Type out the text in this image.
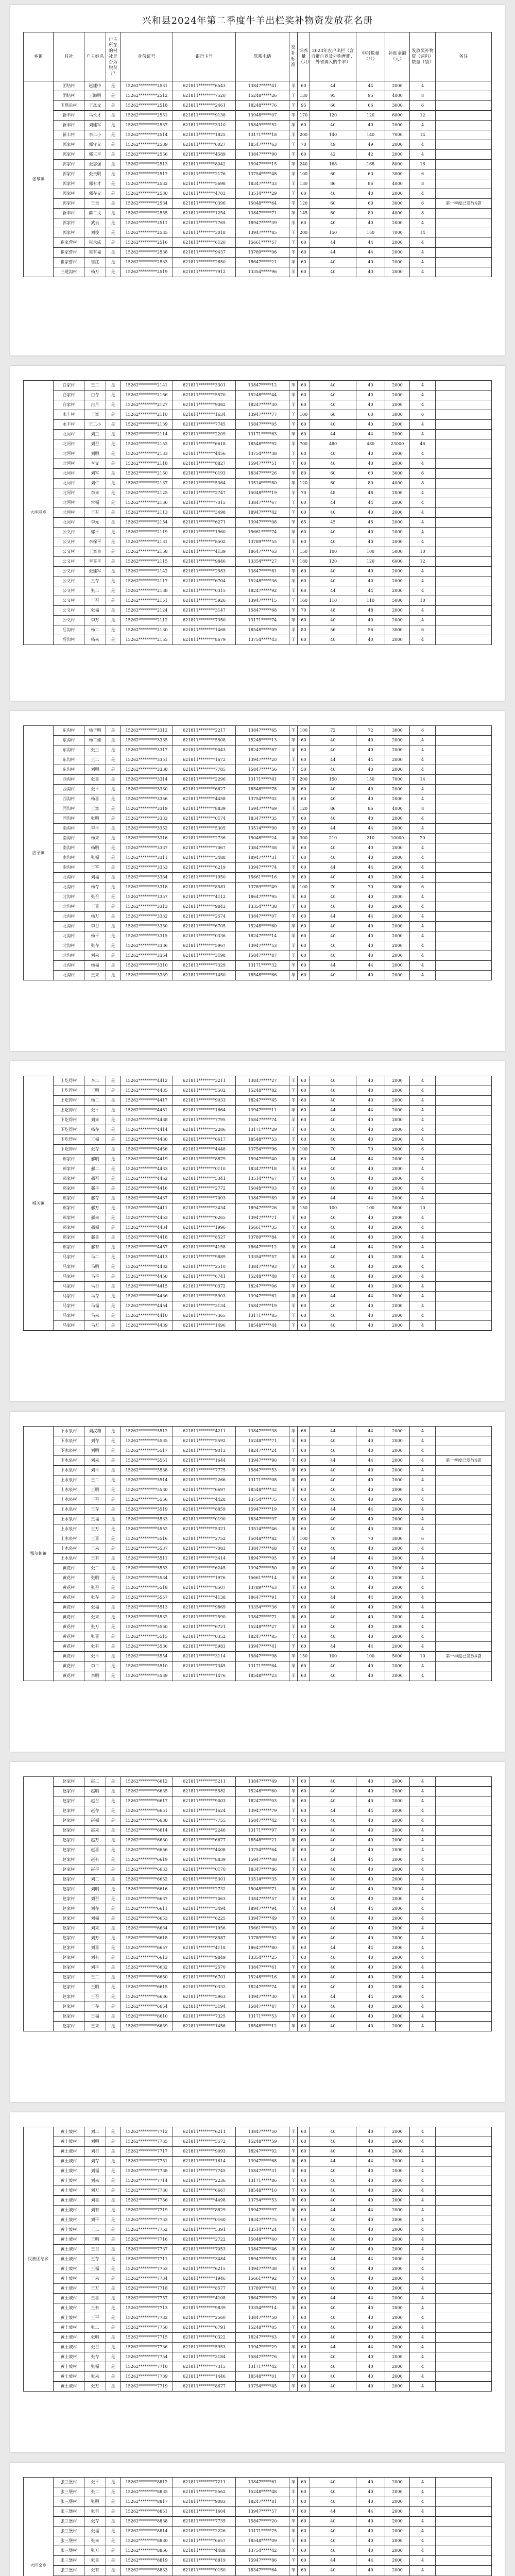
兴和县2024年第二季度牛羊出栏奖补物资发放花名册
乡镇	村社	户主姓名	户主所在的村社是否为脱贫户	身份证号	银行卡号	联系电话	奖补标准	饲养量（只）	2023年农户出栏（含自繁自养及外购育肥、外省调入的牛羊）	申报数量（只）	补贴金额（元）	发放奖补物资（饲料）数量（袋）	备注
张皋镇	团结村	赵建中	是	15262*********2531	621811********6543	13847*****41	羊	60	44	44	2000	4	
	团结村	王海明	是	15262*********2512	621811********7520	15248*****26	羊	130	95	95	4000	8	
	下塔沿村	王凤文	是	15262*********2518	621811********2461	18248*****76	羊	95	66	66	3000	6	
	新丰村	马永才	是	15262*********2551	621811********9138	13948*****07	羊	170	120	120	6000	12	
	新丰村	刘建军	是	15262*********2537	621811********3310	15849*****52	羊	60	40	40	2000	4	
	新丰村	李二小	是	15262*********2514	621811********1825	13171*****18	羊	200	140	140	7000	14	
	郭家村	郭守义	是	15262*********2539	621811********6027	18547*****63	羊	70	49	49	2000	4	
	郭家村	郭三平	是	15262*********2556	621811********4589	13847*****90	羊	60	42	42	2000	4	
	郭家村	张志强	是	15262*********2513	621811********8042	15947*****15	羊	240	168	168	8000	16	
	郭家村	张贵明	是	15262*********2517	621811********2176	13754*****48	羊	100	60	60	3000	6	
	郭家村	郭有才	是	15262*********2532	621811********5698	18347*****33	羊	130	86	86	4000	8	
	郭家村	郭存义	是	15262*********2530	621811********4703	13514*****29	羊	60	40	40	2000	4	
	郭家村	王贵	是	15262*********2534	621811********0396	15048*****64	羊	120	60	60	3000	6	第一季度已发放4袋
	新丰村	薛二文	是	15262*********2555	621811********1254	13847*****71	羊	145	80	80	4000	8	
	郭家村	武云	是	15262*********2511	621811********7765	18947*****39	羊	60	40	40	2000	4	
	郭家村	刘俊	是	15262*********2535	621811********3018	13947*****85	羊	200	150	150	7000	14	
	崔家营村	崔永成	是	15262*********2516	621811********6120	15661*****57	羊	60	44	44	2000	4	
	崔家营村	崔有福	是	15262*********2538	621811********9437	13789*****06	羊	60	44	44	2000	4	
	崔家营村	崔红	是	15262*********2533	621811********2850	18647*****21	羊	60	40	40	2000	4	
	三道沟村	杨万	是	15262*********2519	621811********7912	13354*****96	羊	60	40	40	2000	4	
大库联乡	白家村	王二	是	15262*********2141	621811********3301	13847*****12	羊	60	40	40	2000	4	
	白家村	白存	是	15262*********2156	621811********5570	15248*****44	羊	60	40	40	2000	4	
	白家村	白月	是	15262*********2127	621811********9082	18247*****30	羊	60	40	40	2000	4	
	永丰村	王富	是	15262*********2110	621811********1634	13947*****77	羊	100	60	60	3000	6	
	永丰村	王二小	是	15262*********2139	621811********7745	15847*****05	羊	60	40	40	2000	4	
	北河村	刘三	是	15262*********2114	621811********2209	13171*****63	羊	60	44	44	2000	4	
	北河村	刘召	是	15262*********2152	621811********6618	18548*****92	羊	700	480	480	23000	46	
	北河村	刘明	是	15262*********2133	621811********4456	13754*****38	羊	60	40	40	2000	4	
	北河村	李文	是	15262*********2118	621811********8827	15947*****51	羊	60	40	40	2000	4	
	北河村	刘军	是	15262*********2150	621811********0193	18347*****26	羊	80	60	60	3000	6	
	北河村	刘仁	是	15262*********2137	621811********5364	13514*****80	羊	120	80	80	4000	8	
	北河村	李来	是	15262*********2125	621811********2747	15048*****19	羊	70	48	48	2000	4	
	北河村	常福	是	15262*********2136	621811********7015	13847*****67	羊	60	44	44	2000	4	
	北河村	王有	是	15262*********2113	621811********3498	18947*****42	羊	60	40	40	2000	4	
	北河村	李元	是	15262*********2154	621811********6271	13947*****08	羊	65	45	45	2000	4	
	公义村	郭平	是	15262*********2119	621811********1960	15661*****74	羊	60	40	40	2000	4	
	公义村	李保平	是	15262*********2131	621811********8502	13789*****55	羊	60	40	40	2000	4	
	公义村	王富贵	是	15262*********2158	621811********4139	18647*****63	羊	150	100	100	5000	10	
	公义村	李喜平	是	15262*********2115	621811********9846	13354*****27	羊	180	120	120	6000	12	
	公义村	张建军	是	15262*********2142	621811********2583	13847*****81	羊	60	40	40	2000	4	
	公义村	王存	是	15262*********2117	621811********6704	15248*****36	羊	60	40	40	2000	4	
	公义村	张二	是	15262*********2138	621811********0315	18247*****92	羊	60	44	44	2000	4	
	公义村	王召	是	15262*********2151	621811********5926	13947*****15	羊	160	110	110	5000	10	
	公义村	张福	是	15262*********2124	621811********3147	15847*****68	羊	70	48	48	2000	4	
	公义村	李万	是	15262*********2112	621811********7350	13171*****74	羊	60	40	40	2000	4	
	后沟村	杨二	是	15262*********2130	621811********1468	18548*****09	羊	80	56	56	3000	6	
	后沟村	杨来	是	15262*********2155	621811********8679	13754*****43	羊	60	40	40	2000	4	
店子镇	东沟村	杨子明	是	15262*********3312	621811********2217	13847*****65	羊	100	72	72	3000	6	
	东沟村	杨二娃	是	15262*********3335	621811********5508	15248*****13	羊	60	40	40	2000	4	
	东沟村	张三	是	15262*********3317	621811********9043	18247*****87	羊	60	40	40	2000	4	
	东沟村	王二	是	15262*********3351	621811********1672	13947*****20	羊	60	44	44	2000	4	
	东沟村	刘明	是	15262*********3338	621811********7785	15847*****56	羊	50	40	40	2000	4	
	西沟村	张喜	是	15262*********3314	621811********2296	13171*****41	羊	200	150	150	7000	14	
	西沟村	张平	是	15262*********3330	621811********6627	18548*****78	羊	60	40	40	2000	4	
	西沟村	杨喜	是	15262*********3356	621811********4458	13754*****02	羊	60	40	40	2000	4	
	西沟村	王富	是	15262*********3319	621811********8839	15947*****69	羊	120	86	86	4000	8	
	西沟村	张明	是	15262*********3333	621811********0174	18347*****35	羊	60	40	40	2000	4	
	南沟村	李平	是	15262*********3352	621811********5305	13514*****90	羊	60	44	44	2000	4	
	南沟村	杨来	是	15262*********3316	621811********2736	15048*****24	羊	300	210	210	10000	20	
	南沟村	杨明	是	15262*********3337	621811********7067	13847*****58	羊	60	40	40	2000	4	
	南沟村	张福	是	15262*********3311	621811********3488	18947*****31	羊	60	40	40	2000	4	
	南沟村	王军	是	15262*********3353	621811********6219	13947*****74	羊	60	44	44	2000	4	
	北沟村	刘福	是	15262*********3334	621811********1950	15661*****16	羊	60	40	40	2000	4	
	北沟村	杨存	是	15262*********3318	621811********8581	13789*****49	羊	100	70	70	3000	6	
	北沟村	张召	是	15262*********3357	621811********4112	18647*****95	羊	60	40	40	2000	4	
	北沟村	王喜	是	15262*********3313	621811********9843	13354*****38	羊	60	40	40	2000	4	
	北沟村	杨万	是	15262*********3332	621811********2574	13847*****07	羊	60	44	44	2000	4	
	北沟村	李召	是	15262*********3350	621811********6705	15248*****60	羊	60	40	40	2000	4	
	北沟村	杨平	是	15262*********3315	621811********0336	18247*****14	羊	60	40	40	2000	4	
	北沟村	张存	是	15262*********3336	621811********5967	13947*****53	羊	60	40	40	2000	4	
	北沟村	刘来	是	15262*********3354	621811********3198	15847*****87	羊	60	40	40	2000	4	
	北沟村	杨福	是	15262*********3310	621811********7329	13171*****32	羊	60	44	44	2000	4	
	北沟村	王来	是	15262*********3339	621811********1450	18548*****66	羊	60	40	40	2000	4	
城关镇	上圪得村	李二	是	15262*********4412	621811********3211	13847*****27	羊	60	40	40	2000	4	
	上圪得村	王明	是	15262*********4435	621811********5502	15248*****82	羊	60	40	40	2000	4	
	上圪得村	杨二	是	15262*********4417	621811********9033	18247*****45	羊	60	40	40	2000	4	
	上圪得村	张平	是	15262*********4451	621811********1664	13947*****11	羊	60	44	44	2000	4	
	下圪得村	刘来	是	15262*********4438	621811********7795	15847*****74	羊	60	40	40	2000	4	
	下圪得村	杨存	是	15262*********4414	621811********2286	13171*****29	羊	60	40	40	2000	4	
	下圪得村	王福	是	15262*********4430	621811********6617	18548*****53	羊	60	40	40	2000	4	
	下圪得村	张存	是	15262*********4456	621811********4448	13754*****96	羊	100	70	70	3000	6	
	郝家村	郝明	是	15262*********4419	621811********8879	15947*****40	羊	60	44	44	2000	4	
	郝家村	郝二	是	15262*********4433	621811********0110	18347*****18	羊	60	40	40	2000	4	
	郝家村	郝召	是	15262*********4452	621811********5341	13514*****67	羊	60	40	40	2000	4	
	郝家村	郝平	是	15262*********4416	621811********2772	15048*****03	羊	60	40	40	2000	4	
	郝家村	郝存	是	15262*********4437	621811********7003	13847*****89	羊	60	44	44	2000	4	
	郝家村	郝万	是	15262*********4411	621811********3434	18947*****26	羊	150	100	100	5000	10	
	郝家村	郝来	是	15262*********4453	621811********6265	13947*****71	羊	60	40	40	2000	4	
	郝家村	郝福	是	15262*********4434	621811********1996	15661*****35	羊	60	40	40	2000	4	
	郝家村	郝喜	是	15262*********4418	621811********8527	13789*****84	羊	60	40	40	2000	4	
	郝家村	郝有	是	15262*********4457	621811********4158	18647*****12	羊	60	44	44	2000	4	
	马家村	马二	是	15262*********4413	621811********9889	13354*****57	羊	60	40	40	2000	4	
	马家村	马明	是	15262*********4432	621811********2510	13847*****93	羊	60	40	40	2000	4	
	马家村	马平	是	15262*********4450	621811********6741	15248*****48	羊	60	40	40	2000	4	
	马家村	马召	是	15262*********4415	621811********0372	18247*****06	羊	60	40	40	2000	4	
	马家村	马存	是	15262*********4436	621811********5903	13947*****62	羊	60	44	44	2000	4	
	马家村	马福	是	15262*********4454	621811********3134	15847*****19	羊	60	40	40	2000	4	
	马家村	马来	是	15262*********4410	621811********7365	13171*****85	羊	60	40	40	2000	4	
	马家村	马万	是	15262*********4439	621811********1496	18548*****44	羊	60	40	40	2000	4	
鄂尔栋镇	下水泉村	刘汉雄	是	15262*********5512	621811********4211	13847*****38	羊	66	44	44	2000	4	
	下水泉村	刘存	是	15262*********5535	621811********5592	15248*****71	羊	60	40	40	2000	4	
	下水泉村	刘明	是	15262*********5517	621811********9013	18247*****24	羊	60	40	40	2000	4	
	下水泉村	刘来	是	15262*********5551	621811********1644	13947*****90	羊	60	44	44	2000	4	第一季度已发放4袋
	下水泉村	刘平	是	15262*********5538	621811********7775	15847*****53	羊	60	40	40	2000	4	
	上水泉村	王二	是	15262*********5514	621811********2266	13171*****08	羊	60	40	40	2000	4	
	上水泉村	王明	是	15262*********5530	621811********6697	18548*****32	羊	60	40	40	2000	4	
	上水泉村	王召	是	15262*********5556	621811********4428	13754*****75	羊	60	40	40	2000	4	
	上水泉村	王存	是	15262*********5519	621811********8859	15947*****19	羊	60	44	44	2000	4	
	上水泉村	王福	是	15262*********5533	621811********0190	18347*****97	羊	60	40	40	2000	4	
	上水泉村	王万	是	15262*********5552	621811********5321	13514*****46	羊	60	40	40	2000	4	
	上水泉村	王喜	是	15262*********5516	621811********2752	15048*****82	羊	100	70	70	3000	6	
	上水泉村	王来	是	15262*********5537	621811********7083	13847*****68	羊	60	40	40	2000	4	
	上水泉村	王有	是	15262*********5511	621811********3414	18947*****05	羊	60	44	44	2000	4	
	黄花村	张二	是	15262*********5553	621811********6245	13947*****50	羊	60	40	40	2000	4	
	黄花村	张明	是	15262*********5534	621811********1976	15661*****14	羊	60	40	40	2000	4	
	黄花村	张召	是	15262*********5518	621811********8507	13789*****63	羊	60	40	40	2000	4	
	黄花村	张存	是	15262*********5557	621811********4138	18647*****91	羊	60	44	44	2000	4	
	黄花村	张福	是	15262*********5513	621811********9869	13354*****36	羊	60	40	40	2000	4	
	黄花村	张来	是	15262*********5532	621811********2590	13847*****72	羊	60	40	40	2000	4	
	黄花村	张万	是	15262*********5550	621811********6721	15248*****27	羊	60	40	40	2000	4	
	黄花村	张喜	是	15262*********5515	621811********0352	18247*****85	羊	60	40	40	2000	4	
	黄花村	张有	是	15262*********5536	621811********5983	13947*****41	羊	60	44	44	2000	4	
	黄花村	张平	是	15262*********5554	621811********3114	15847*****98	羊	150	100	100	5000	10	第一季度已发放4袋
	黄花村	李二	是	15262*********5510	621811********7345	13171*****64	羊	60	40	40	2000	4	
	黄花村	李明	是	15262*********5539	621811********1476	18548*****23	羊	60	40	40	2000	4	
	赵家村	赵二	是	15262*********6612	621811********5211	13847*****49	羊	60	40	40	2000	4	
	赵家村	赵明	是	15262*********6635	621811********5582	15248*****60	羊	60	40	40	2000	4	
	赵家村	赵召	是	15262*********6617	621811********9003	18247*****03	羊	60	40	40	2000	4	
	赵家村	赵存	是	15262*********6651	621811********1624	13947*****79	羊	60	44	44	2000	4	
	赵家村	赵福	是	15262*********6638	621811********7755	15847*****42	羊	60	40	40	2000	4	
	赵家村	赵来	是	15262*********6614	621811********2246	13171*****97	羊	60	40	40	2000	4	
	赵家村	赵万	是	15262*********6630	621811********6677	18548*****21	羊	60	40	40	2000	4	
	赵家村	赵喜	是	15262*********6656	621811********4408	13754*****64	羊	60	40	40	2000	4	
	赵家村	赵有	是	15262*********6619	621811********8839	15947*****08	羊	60	44	44	2000	4	
	赵家村	赵平	是	15262*********6633	621811********0170	18347*****86	羊	60	40	40	2000	4	
	赵家村	刘二	是	15262*********6652	621811********5301	13514*****35	羊	60	40	40	2000	4	
	赵家村	刘明	是	15262*********6616	621811********2732	15048*****71	羊	60	40	40	2000	4	
	赵家村	刘召	是	15262*********6637	621811********7063	13847*****57	羊	60	40	40	2000	4	
	赵家村	刘存	是	15262*********6611	621811********3494	18947*****94	羊	60	44	44	2000	4	
	赵家村	刘福	是	15262*********6653	621811********6225	13947*****49	羊	60	40	40	2000	4	
	赵家村	刘来	是	15262*********6634	621811********1956	15661*****03	羊	60	40	40	2000	4	
	赵家村	刘万	是	15262*********6618	621811********8587	13789*****52	羊	60	40	40	2000	4	
	赵家村	刘喜	是	15262*********6657	621811********4118	18647*****80	羊	60	44	44	2000	4	
	赵家村	刘有	是	15262*********6613	621811********9849	13354*****25	羊	60	40	40	2000	4	
	赵家村	刘平	是	15262*********6632	621811********2570	13847*****61	羊	60	40	40	2000	4	
	赵家村	王二	是	15262*********6650	621811********6701	15248*****16	羊	60	40	40	2000	4	
	赵家村	王明	是	15262*********6615	621811********0332	18247*****74	羊	60	40	40	2000	4	
	赵家村	王召	是	15262*********6636	621811********5963	13947*****30	羊	60	44	44	2000	4	
	赵家村	王存	是	15262*********6654	621811********3194	15847*****87	羊	60	40	40	2000	4	
	赵家村	王福	是	15262*********6610	621811********7325	13171*****53	羊	60	40	40	2000	4	
	赵家村	王来	是	15262*********6639	621811********1456	18548*****12	羊	60	40	40	2000	4	
民族团结乡	黄土坡村	刘二	是	15262*********7712	621811********6211	13847*****50	羊	60	40	40	2000	4	
	黄土坡村	刘明	是	15262*********7735	621811********5572	15248*****59	羊	60	40	40	2000	4	
	黄土坡村	刘召	是	15262*********7717	621811********9093	18247*****92	羊	60	40	40	2000	4	
	黄土坡村	刘存	是	15262*********7751	621811********1614	13947*****68	羊	60	44	44	2000	4	
	黄土坡村	刘福	是	15262*********7738	621811********7745	15847*****31	羊	60	40	40	2000	4	
	黄土坡村	刘来	是	15262*********7714	621811********2236	13171*****86	羊	60	40	40	2000	4	
	黄土坡村	刘万	是	15262*********7730	621811********6667	18548*****10	羊	60	40	40	2000	4	
	黄土坡村	刘喜	是	15262*********7756	621811********4498	13754*****53	羊	60	40	40	2000	4	
	黄土坡村	刘有	是	15262*********7719	621811********8829	15947*****97	羊	60	44	44	2000	4	
	黄土坡村	刘平	是	15262*********7733	621811********0160	18347*****75	羊	60	40	40	2000	4	
	黄土坡村	王二	是	15262*********7752	621811********5391	13514*****24	羊	60	40	40	2000	4	
	黄土坡村	王明	是	15262*********7716	621811********2722	15048*****60	羊	60	40	40	2000	4	
	黄土坡村	王召	是	15262*********7737	621811********7053	13847*****46	羊	60	40	40	2000	4	
	黄土坡村	王存	是	15262*********7711	621811********3484	18947*****83	羊	60	44	44	2000	4	
	黄土坡村	王福	是	15262*********7753	621811********6215	13947*****38	羊	60	40	40	2000	4	
	黄土坡村	王来	是	15262*********7734	621811********1946	15661*****92	羊	60	40	40	2000	4	
	黄土坡村	王万	是	15262*********7718	621811********8577	13789*****41	羊	60	40	40	2000	4	
	黄土坡村	王喜	是	15262*********7757	621811********4108	18647*****79	羊	60	44	44	2000	4	
	黄土坡村	王有	是	15262*********7713	621811********9839	13354*****14	羊	60	40	40	2000	4	
	黄土坡村	王平	是	15262*********7732	621811********2560	13847*****50	羊	60	40	40	2000	4	
	黄土坡村	张二	是	15262*********7750	621811********6791	15248*****05	羊	60	40	40	2000	4	
	黄土坡村	张明	是	15262*********7715	621811********0322	18247*****63	羊	60	40	40	2000	4	
	黄土坡村	张召	是	15262*********7736	621811********5953	13947*****29	羊	60	44	44	2000	4	
	黄土坡村	张存	是	15262*********7754	621811********3184	15847*****76	羊	60	40	40	2000	4	
	黄土坡村	张福	是	15262*********7710	621811********7315	13171*****42	羊	60	40	40	2000	4	
	黄土坡村	张来	是	15262*********7739	621811********1446	18548*****01	羊	60	40	40	2000	4	
	黄土坡村	张万	是	15262*********7719	621811********8677	13754*****45	羊	60	40	40	2000	4	
大同窑乡	张三堡村	张平	是	15262*********8812	621811********7211	13847*****61	羊	60	40	40	2000	4	
	张三堡村	张二	是	15262*********8835	621811********5562	15248*****48	羊	60	40	40	2000	4	
	张三堡村	张明	是	15262*********8817	621811********9083	18247*****81	羊	60	40	40	2000	4	
	张三堡村	张召	是	15262*********8851	621811********1604	13947*****57	羊	60	44	44	2000	4	
	张三堡村	张存	是	15262*********8838	621811********7735	15847*****20	羊	60	40	40	2000	4	
	张三堡村	张福	是	15262*********8814	621811********2226	13171*****75	羊	60	40	40	2000	4	
	张三堡村	张来	是	15262*********8830	621811********6657	18548*****09	羊	60	40	40	2000	4	
	张三堡村	张万	是	15262*********8856	621811********4488	13754*****42	羊	60	40	40	2000	4	
	张三堡村	张喜	是	15262*********8819	621811********8819	15947*****86	羊	60	44	44	2000	4	
	张三堡村	张有	是	15262*********8833	621811********0150	18347*****64	羊	60	40	40	2000	4	
